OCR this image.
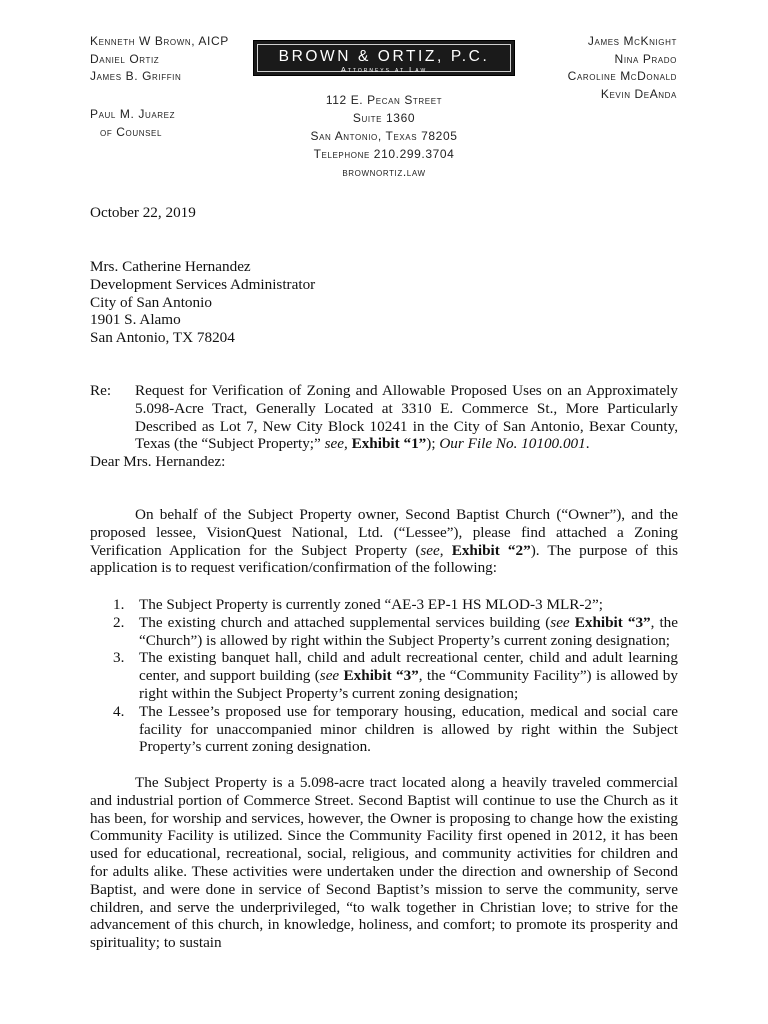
Kenneth W Brown, AICP
Daniel Ortiz
James B. Griffin
Paul M. Juarez
of Counsel
James McKnight
Nina Prado
Caroline McDonald
Kevin DeAnda
BROWN & ORTIZ, P.C.
Attorneys at Law
112 E. Pecan Street
Suite 1360
San Antonio, Texas 78205
Telephone 210.299.3704
brownortiz.law
October 22, 2019
Mrs. Catherine Hernandez
Development Services Administrator
City of San Antonio
1901 S. Alamo
San Antonio, TX 78204
Re: Request for Verification of Zoning and Allowable Proposed Uses on an Approximately 5.098-Acre Tract, Generally Located at 3310 E. Commerce St., More Particularly Described as Lot 7, New City Block 10241 in the City of San Antonio, Bexar County, Texas (the “Subject Property;” see, Exhibit “1”); Our File No. 10100.001.
Dear Mrs. Hernandez:
On behalf of the Subject Property owner, Second Baptist Church (“Owner”), and the proposed lessee, VisionQuest National, Ltd. (“Lessee”), please find attached a Zoning Verification Application for the Subject Property (see, Exhibit “2”). The purpose of this application is to request verification/confirmation of the following:
1. The Subject Property is currently zoned “AE-3 EP-1 HS MLOD-3 MLR-2”;
2. The existing church and attached supplemental services building (see Exhibit “3”, the “Church”) is allowed by right within the Subject Property’s current zoning designation;
3. The existing banquet hall, child and adult recreational center, child and adult learning center, and support building (see Exhibit “3”, the “Community Facility”) is allowed by right within the Subject Property’s current zoning designation;
4. The Lessee’s proposed use for temporary housing, education, medical and social care facility for unaccompanied minor children is allowed by right within the Subject Property’s current zoning designation.
The Subject Property is a 5.098-acre tract located along a heavily traveled commercial and industrial portion of Commerce Street. Second Baptist will continue to use the Church as it has been, for worship and services, however, the Owner is proposing to change how the existing Community Facility is utilized. Since the Community Facility first opened in 2012, it has been used for educational, recreational, social, religious, and community activities for children and for adults alike. These activities were undertaken under the direction and ownership of Second Baptist, and were done in service of Second Baptist’s mission to serve the community, serve children, and serve the underprivileged, “to walk together in Christian love; to strive for the advancement of this church, in knowledge, holiness, and comfort; to promote its prosperity and spirituality; to sustain
